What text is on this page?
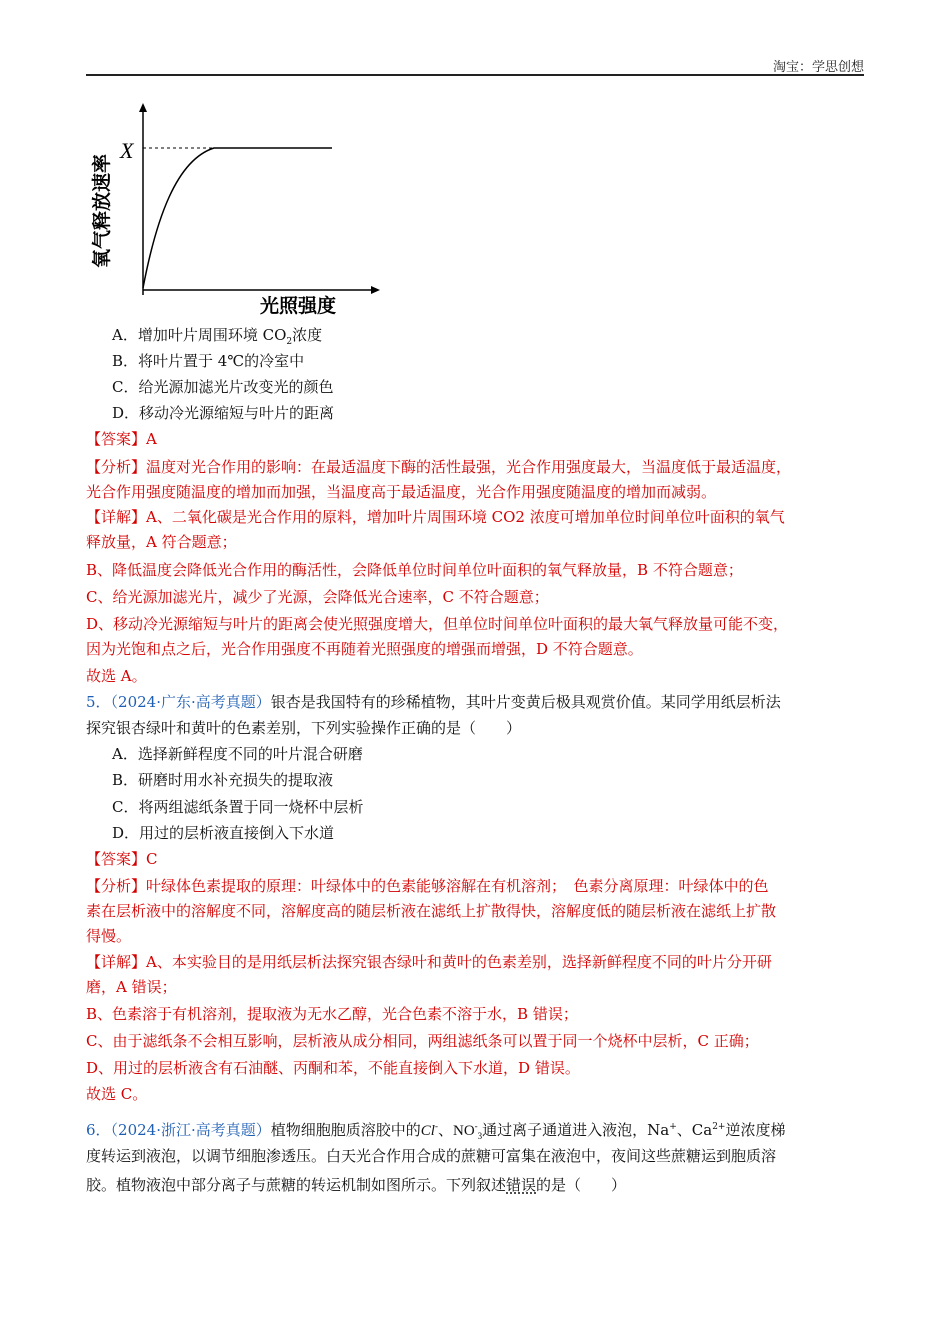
淘宝：学思创想
X
氧气释放速率
光照强度
A．增加叶片周围环境 $CO_2$浓度
B．将叶片置于 4℃的冷室中
C．给光源加滤光片改变光的颜色
D．移动冷光源缩短与叶片的距离
【答案】A
【分析】温度对光合作用的影响：在最适温度下酶的活性最强，光合作用强度最大，当温度低于最适温度，
光合作用强度随温度的增加而加强，当温度高于最适温度，光合作用强度随温度的增加而减弱。
【详解】A、二氧化碳是光合作用的原料，增加叶片周围环境 CO2 浓度可增加单位时间单位叶面积的氧气
释放量，A 符合题意；
B、降低温度会降低光合作用的酶活性，会降低单位时间单位叶面积的氧气释放量，B 不符合题意；
C、给光源加滤光片，减少了光源，会降低光合速率，C 不符合题意；
D、移动冷光源缩短与叶片的距离会使光照强度增大，但单位时间单位叶面积的最大氧气释放量可能不变，
因为光饱和点之后，光合作用强度不再随着光照强度的增强而增强，D 不符合题意。
故选 A。
5．（2024·广东·高考真题）银杏是我国特有的珍稀植物，其叶片变黄后极具观赏价值。某同学用纸层析法
探究银杏绿叶和黄叶的色素差别，下列实验操作正确的是（　　）
A．选择新鲜程度不同的叶片混合研磨
B．研磨时用水补充损失的提取液
C．将两组滤纸条置于同一烧杯中层析
D．用过的层析液直接倒入下水道
【答案】C
【分析】叶绿体色素提取的原理：叶绿体中的色素能够溶解在有机溶剂；　色素分离原理：叶绿体中的色
素在层析液中的溶解度不同，溶解度高的随层析液在滤纸上扩散得快，溶解度低的随层析液在滤纸上扩散
得慢。
【详解】A、本实验目的是用纸层析法探究银杏绿叶和黄叶的色素差别，选择新鲜程度不同的叶片分开研
磨，A 错误；
B、色素溶于有机溶剂，提取液为无水乙醇，光合色素不溶于水，B 错误；
C、由于滤纸条不会相互影响，层析液从成分相同，两组滤纸条可以置于同一个烧杯中层析，C 正确；
D、用过的层析液含有石油醚、丙酮和苯，不能直接倒入下水道，D 错误。
故选 C。
6．（2024·浙江·高考真题）植物细胞胞质溶胶中的Cl-、$NO^-_3$通过离子通道进入液泡，Na+、$Ca^{2+}$逆浓度梯
度转运到液泡，以调节细胞渗透压。白天光合作用合成的蔗糖可富集在液泡中，夜间这些蔗糖运到胞质溶
胶。植物液泡中部分离子与蔗糖的转运机制如图所示。下列叙述错误的是（　　）
